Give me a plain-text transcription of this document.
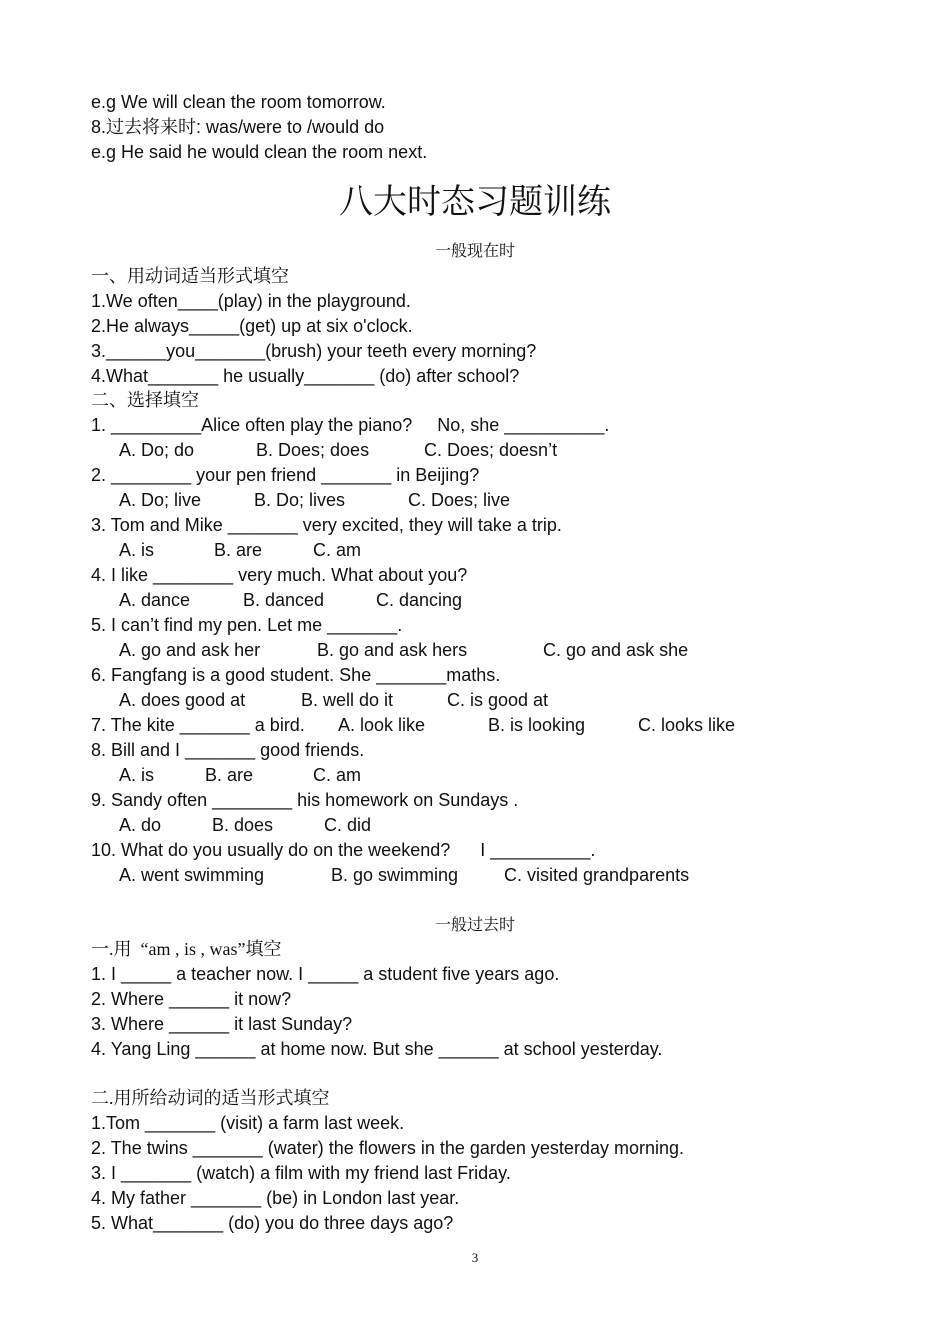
e.g We will clean the room tomorrow.
8.过去将来时: was/were to /would do
e.g He said he would clean the room next.
八大时态习题训练
一般现在时
一、用动词适当形式填空
1.We often____(play) in the playground.
2.He always_____(get) up at six o'clock.
3.______you_______(brush) your teeth every morning?
4.What_______ he usually_______ (do) after school?
二、选择填空
1. _________Alice often play the piano?     No, she __________.
A. Do; do	B. Does; does	C. Does; doesn’t
2. ________ your pen friend _______ in Beijing?
A. Do; live	B. Do; lives	C. Does; live
3. Tom and Mike _______ very excited, they will take a trip.
A. is	B. are	C. am
4. I like ________ very much. What about you?
A. dance	B. danced	C. dancing
5. I can’t find my pen. Let me _______.
A. go and ask her	B. go and ask hers	C. go and ask she
6. Fangfang is a good student. She _______maths.
A. does good at	B. well do it	C. is good at
7. The kite _______ a bird. A. look like	B. is looking	C. looks like
8. Bill and I _______ good friends.
A. is	B. are	C. am
9. Sandy often ________ his homework on Sundays .
A. do	B. does	C. did
10. What do you usually do on the weekend?      I __________.
A. went swimming	B. go swimming	C. visited grandparents
一般过去时
一.用  “am , is , was”填空
1. I _____ a teacher now. I _____ a student five years ago.
2. Where ______ it now?
3. Where ______ it last Sunday?
4. Yang Ling ______ at home now. But she ______ at school yesterday.
二.用所给动词的适当形式填空
1.Tom _______ (visit) a farm last week.
2. The twins _______ (water) the flowers in the garden yesterday morning.
3. I _______ (watch) a film with my friend last Friday.
4. My father _______ (be) in London last year.
5. What_______ (do) you do three days ago?
3
